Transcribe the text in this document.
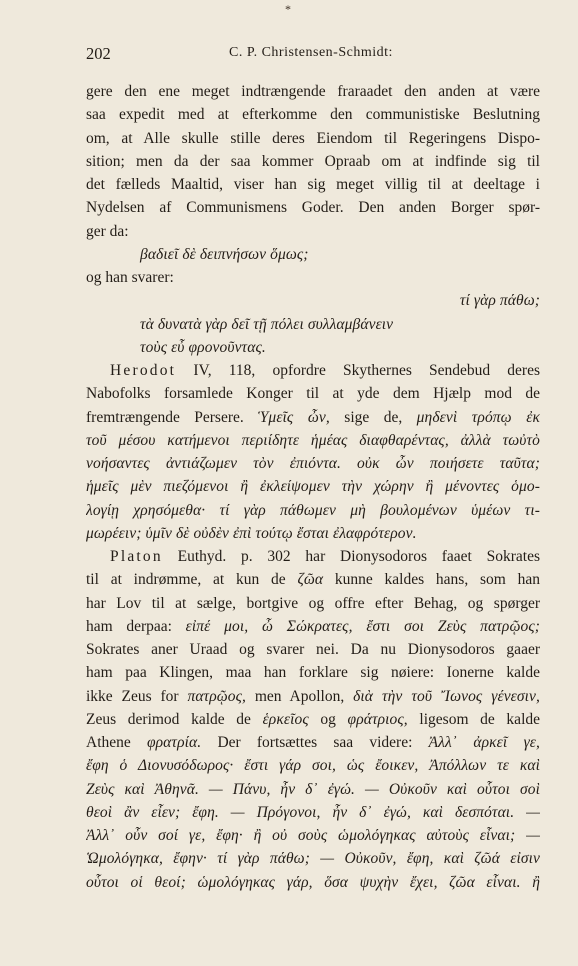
*
202	C. P. Christensen-Schmidt:
gere den ene meget indtrængende fraraadet den anden at være
saa expedit med at efterkomme den communistiske Beslutning
om, at Alle skulle stille deres Eiendom til Regeringens Dispo-
sition; men da der saa kommer Opraab om at indfinde sig til
det fælleds Maaltid, viser han sig meget villig til at deeltage i
Nydelsen af Communismens Goder. Den anden Borger spør-
ger da:
βαδιεῖ δὲ δειπνήσων ὅμως;
og han svarer:
τί γὰρ πάθω;
τὰ δυνατὰ γὰρ δεῖ τῇ πόλει συλλαμβάνειν
τοὺς εὖ φρονοῦντας.
Herodot IV, 118, opfordre Skythernes Sendebud deres
Nabofolks forsamlede Konger til at yde dem Hjælp mod de
fremtrængende Persere. Ὑμεῖς ὦν, sige de, μηδενὶ τρόπῳ ἐκ
τοῦ μέσου κατήμενοι περιίδητε ἡμέας διαφθαρέντας, ἀλλὰ τωὐτὸ
νοήσαντες ἀντιάζωμεν τὸν ἐπιόντα. οὐκ ὦν ποιήσετε ταῦτα;
ἡμεῖς μὲν πιεζόμενοι ἢ ἐκλείψομεν τὴν χώρην ἢ μένοντες ὁμο-
λογίῃ χρησόμεθα· τί γὰρ πάθωμεν μὴ βουλομένων ὑμέων τι-
μωρέειν; ὑμῖν δὲ οὐδὲν ἐπὶ τούτῳ ἔσται ἐλαφρότερον.
Platon Euthyd. p. 302 har Dionysodoros faaet Sokrates
til at indrømme, at kun de ζῶα kunne kaldes hans, som han
har Lov til at sælge, bortgive og offre efter Behag, og spørger
ham derpaa: εἰπέ μοι, ὦ Σώκρατες, ἔστι σοι Ζεὺς πατρῷος;
Sokrates aner Uraad og svarer nei. Da nu Dionysodoros gaaer
ham paa Klingen, maa han forklare sig nøiere: Ionerne kalde
ikke Zeus for πατρῷος, men Apollon, διὰ τὴν τοῦ Ἴωνος γένεσιν,
Zeus derimod kalde de ἑρκεῖος og φράτριος, ligesom de kalde
Athene φρατρία. Der fortsættes saa videre: Ἀλλ᾿ ἀρκεῖ γε,
ἔφη ὁ Διονυσόδωρος· ἔστι γάρ σοι, ὡς ἔοικεν, Ἀπόλλων τε καὶ
Ζεὺς καὶ Ἀθηνᾶ. — Πάνυ, ἦν δ᾿ ἐγώ. — Οὐκοῦν καὶ οὗτοι σοὶ
θεοὶ ἂν εἶεν; ἔφη. — Πρόγονοι, ἦν δ᾿ ἐγώ, καὶ δεσπόται. —
Ἀλλ᾿ οὖν σοί γε, ἔφη· ἢ οὐ σοὺς ὡμολόγηκας αὐτοὺς εἶναι; —
Ὡμολόγηκα, ἔφην· τί γὰρ πάθω; — Οὐκοῦν, ἔφη, καὶ ζῶά εἰσιν
οὗτοι οἱ θεοί; ὡμολόγηκας γάρ, ὅσα ψυχὴν ἔχει, ζῶα εἶναι. ἢ
